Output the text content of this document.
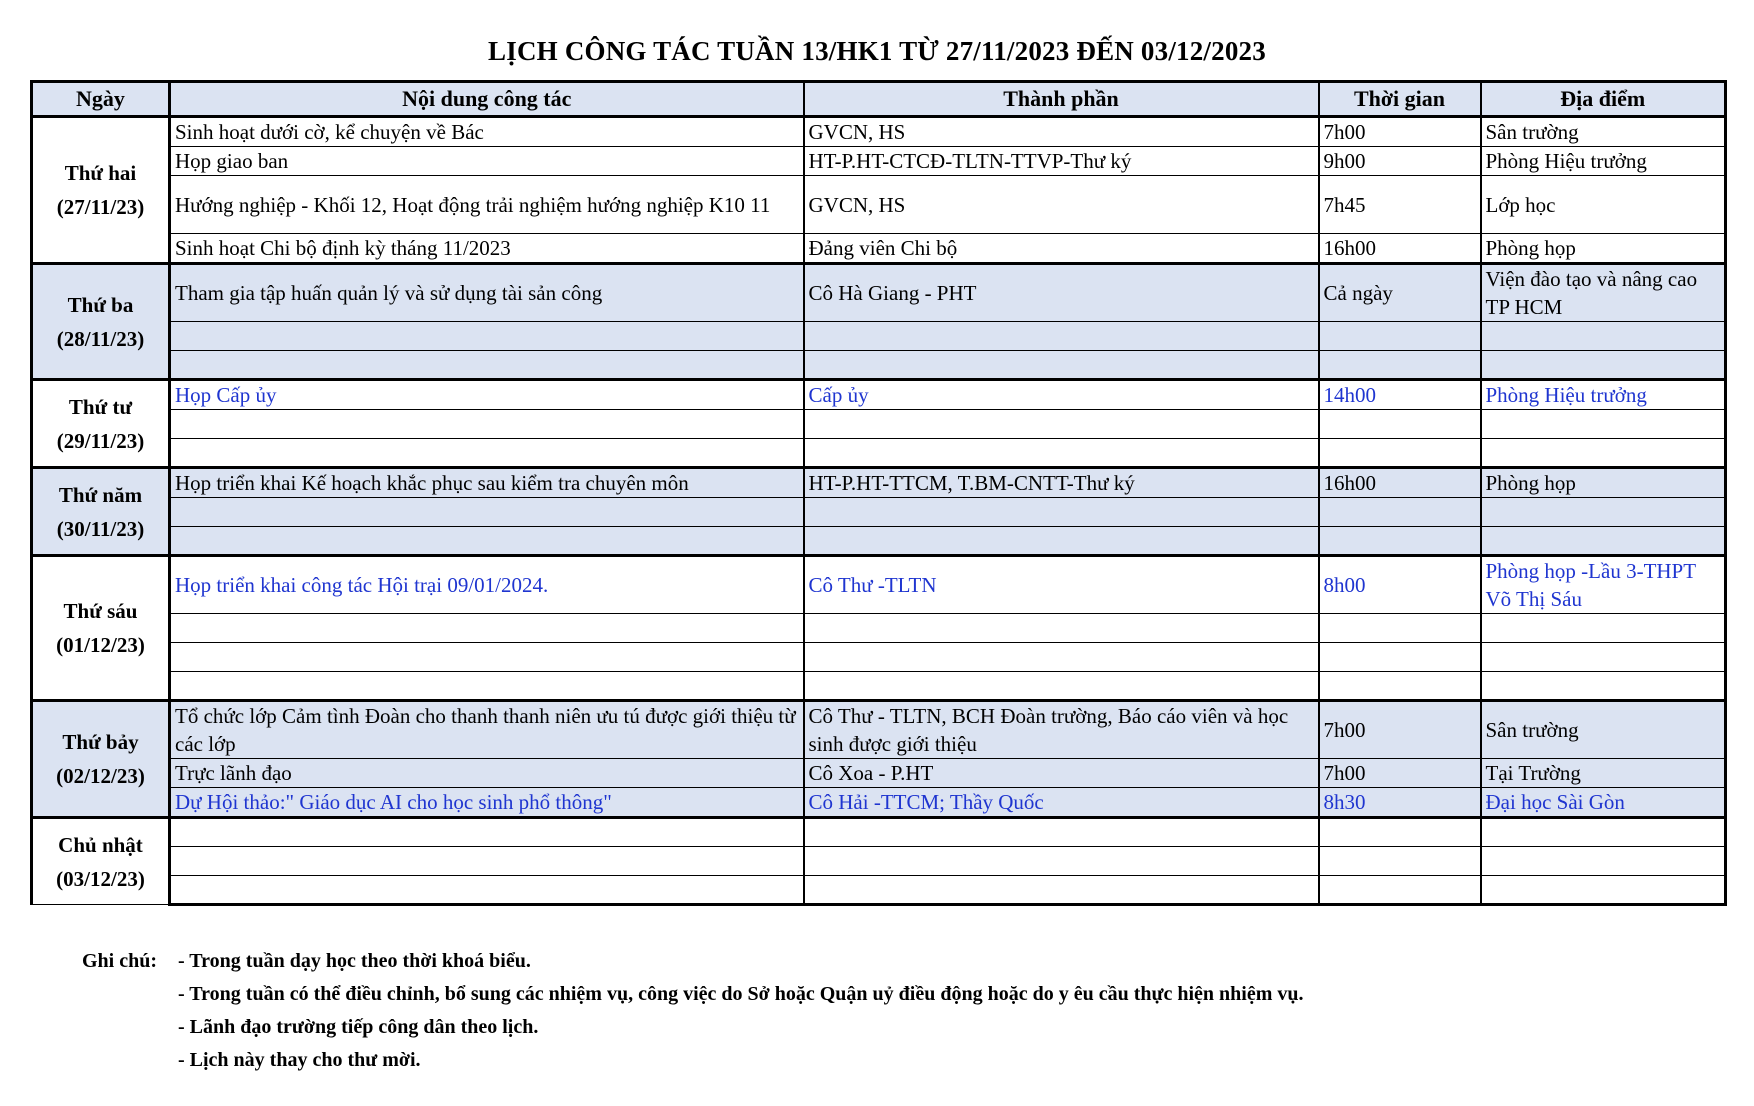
LỊCH CÔNG TÁC TUẦN 13/HK1 TỪ 27/11/2023 ĐẾN 03/12/2023
Ngày	Nội dung công tác	Thành phần	Thời gian	Địa điểm

Thứ hai
(27/11/23)	Sinh hoạt dưới cờ, kể chuyện về Bác	GVCN, HS	7h00	Sân trường
	Họp giao ban	HT-P.HT-CTCĐ-TLTN-TTVP-Thư ký	9h00	Phòng Hiệu trưởng
	Hướng nghiệp - Khối 12, Hoạt động trải nghiệm hướng nghiệp K10 11	GVCN, HS	7h45	Lớp học
	Sinh hoạt Chi bộ định kỳ tháng 11/2023	Đảng viên Chi bộ	16h00	Phòng họp

Thứ ba
(28/11/23)	Tham gia tập huấn quản lý và sử dụng tài sản công	Cô Hà Giang - PHT	Cả ngày	Viện đào tạo và nâng cao TP HCM

Thứ tư
(29/11/23)	Họp Cấp ủy	Cấp ủy	14h00	Phòng Hiệu trưởng

Thứ năm
(30/11/23)	Họp triển khai Kế hoạch khắc phục sau kiểm tra chuyên môn	HT-P.HT-TTCM, T.BM-CNTT-Thư ký	16h00	Phòng họp

Thứ sáu
(01/12/23)	Họp triển khai công tác Hội trại 09/01/2024.	Cô Thư -TLTN	8h00	Phòng họp -Lầu 3-THPT Võ Thị Sáu

Thứ bảy
(02/12/23)	Tổ chức lớp Cảm tình Đoàn cho thanh thanh niên ưu tú được giới thiệu từ các lớp	Cô Thư - TLTN, BCH Đoàn trường, Báo cáo viên và học sinh được giới thiệu	7h00	Sân trường
	Trực lãnh đạo	Cô Xoa - P.HT	7h00	Tại Trường
	Dự Hội thảo:" Giáo dục AI cho học sinh phổ thông"	Cô Hải -TTCM; Thầy Quốc	8h30	Đại học Sài Gòn

Chủ nhật
(03/12/23)				

Ghi chú:	- Trong tuần dạy học theo thời khoá biểu.
- Trong tuần có thể điều chỉnh, bổ sung các nhiệm vụ, công việc do Sở hoặc Quận uỷ điều động hoặc do y êu cầu thực hiện nhiệm vụ.
- Lãnh đạo trường tiếp công dân theo lịch.
- Lịch này thay cho thư mời.
